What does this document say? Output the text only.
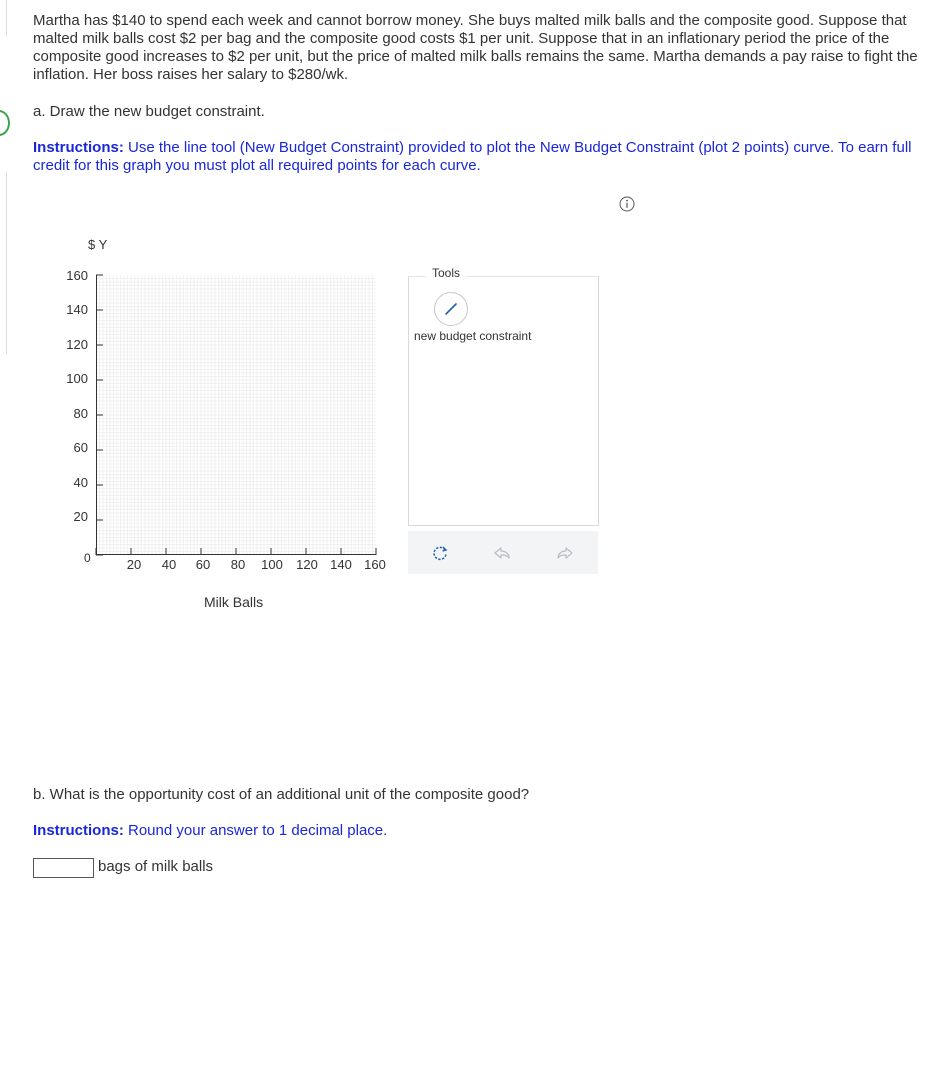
Martha has $140 to spend each week and cannot borrow money. She buys malted milk balls and the composite good. Suppose that malted milk balls cost $2 per bag and the composite good costs $1 per unit. Suppose that in an inflationary period the price of the composite good increases to $2 per unit, but the price of malted milk balls remains the same. Martha demands a pay raise to fight the inflation. Her boss raises her salary to $280/wk.
a. Draw the new budget constraint.
Instructions: Use the line tool (New Budget Constraint) provided to plot the New Budget Constraint (plot 2 points) curve. To earn full credit for this graph you must plot all required points for each curve.
$ Y
160
140
120
100
80
60
40
20
0	20	40	60	80	100	120 140 160
Milk Balls
Tools
new budget constraint
b. What is the opportunity cost of an additional unit of the composite good?
Instructions: Round your answer to 1 decimal place.
bags of milk balls
